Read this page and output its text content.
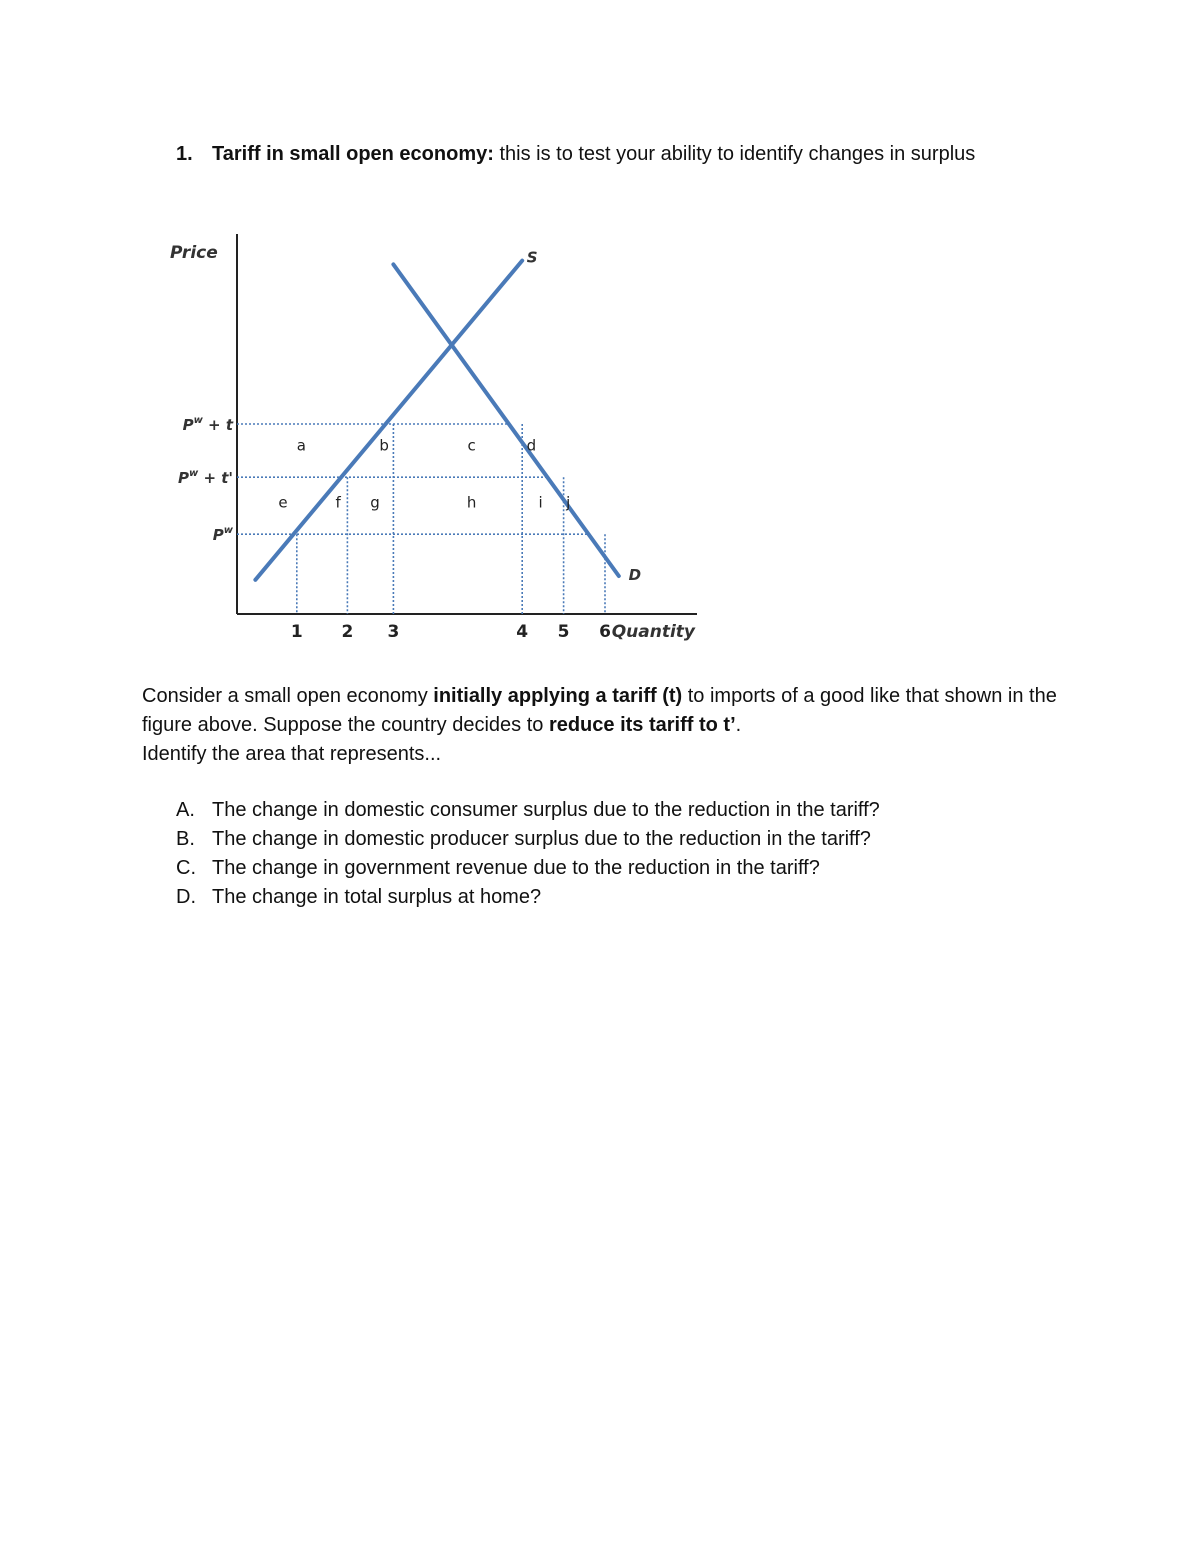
1. Tariff in small open economy: this is to test your ability to identify changes in surplus
Price
Quantity
1 2 3	4 5 6
$P^w + t$
$P^w + t'$
$P^w$
S
D
a	b	c	d
e	f g	h	i j

Consider a small open economy initially applying a tariff (t) to imports of a good like that shown in the figure above. Suppose the country decides to reduce its tariff to t’.

Identify the area that represents...

A. The change in domestic consumer surplus due to the reduction in the tariff?
B. The change in domestic producer surplus due to the reduction in the tariff?
C. The change in government revenue due to the reduction in the tariff?
D. The change in total surplus at home?
